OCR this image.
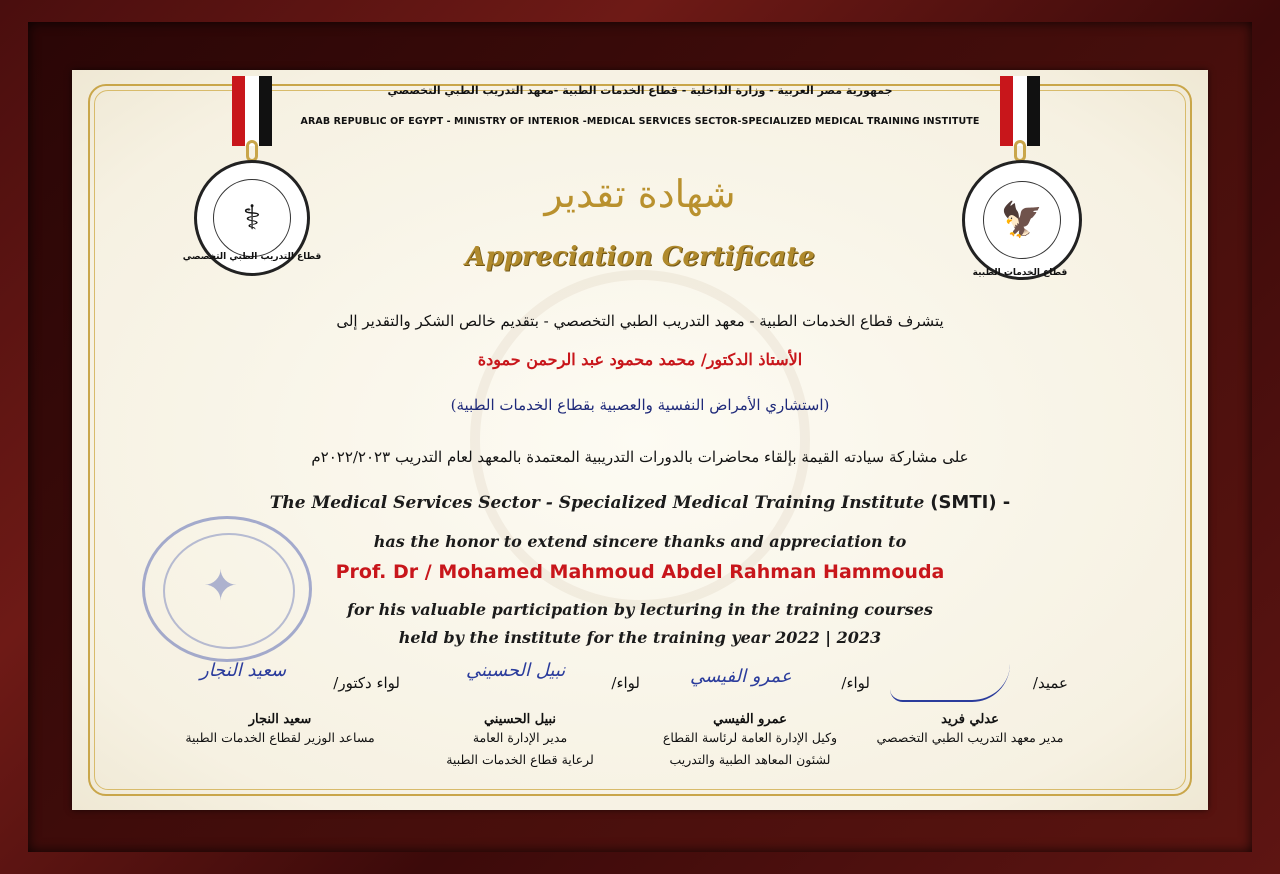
⚕
قطاع التدريب الطبي التخصصي
🦅
قطاع الخدمات الطبية
جمهورية مصر العربية - وزارة الداخلية - قطاع الخدمات الطبية -معهد التدريب الطبي التخصصي
ARAB REPUBLIC OF EGYPT - MINISTRY OF INTERIOR -MEDICAL SERVICES SECTOR-SPECIALIZED MEDICAL TRAINING INSTITUTE
شهادة تقدير
Appreciation Certificate
يتشرف قطاع الخدمات الطبية - معهد التدريب الطبي التخصصي - بتقديم خالص الشكر والتقدير إلى
الأستاذ الدكتور/ محمد محمود عبد الرحمن حمودة
(استشاري الأمراض النفسية والعصبية بقطاع الخدمات الطبية)
على مشاركة سيادته القيمة بإلقاء محاضرات بالدورات التدريبية المعتمدة بالمعهد لعام التدريب ٢٠٢٢/٢٠٢٣م
The Medical Services Sector - Specialized Medical Training Institute (SMTI) -
has the honor to extend sincere thanks and appreciation to
Prof. Dr / Mohamed Mahmoud Abdel Rahman Hammouda
for his valuable participation by lecturing in the training courses
held by the institute for the training year 2022 | 2023
✦
عميد/
عدلي فريد
مدير معهد التدريب الطبي التخصصي
لواء/
عمرو الفيسي
عمرو الفيسي
وكيل الإدارة العامة لرئاسة القطاع
لشئون المعاهد الطبية والتدريب
لواء/
نبيل الحسيني
نبيل الحسيني
مدير الإدارة العامة
لرعاية قطاع الخدمات الطبية
لواء دكتور/
سعيد النجار
سعيد النجار
مساعد الوزير لقطاع الخدمات الطبية
